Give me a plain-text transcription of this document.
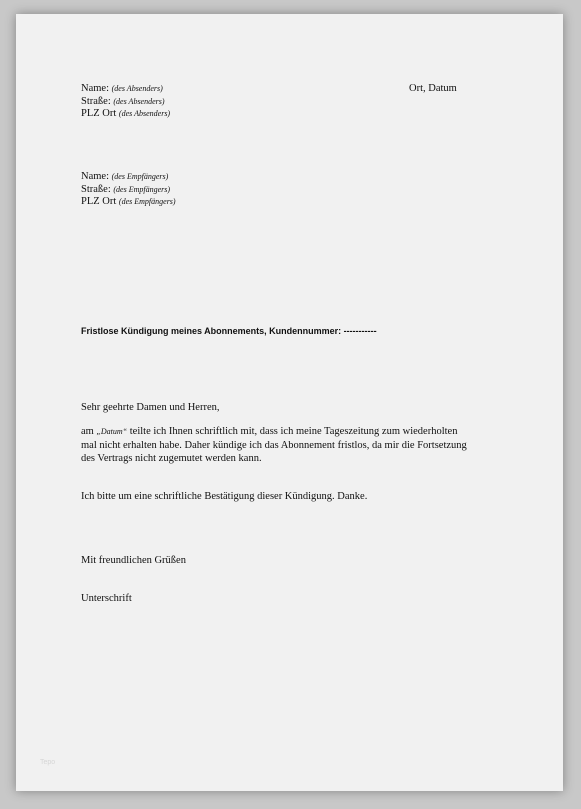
Name: (des Absenders)
Straße: (des Absenders)
PLZ Ort (des Absenders)
Ort, Datum
Name: (des Empfängers)
Straße: (des Empfängers)
PLZ Ort (des Empfängers)
Fristlose Kündigung meines Abonnements, Kundennummer: -----------
Sehr geehrte Damen und Herren,
am „Datum“ teilte ich Ihnen schriftlich mit, dass ich meine Tageszeitung zum wiederholten
mal nicht erhalten habe. Daher kündige ich das Abonnement fristlos, da mir die Fortsetzung
des Vertrags nicht zugemutet werden kann.
Ich bitte um eine schriftliche Bestätigung dieser Kündigung. Danke.
Mit freundlichen Grüßen
Unterschrift
Tepo
